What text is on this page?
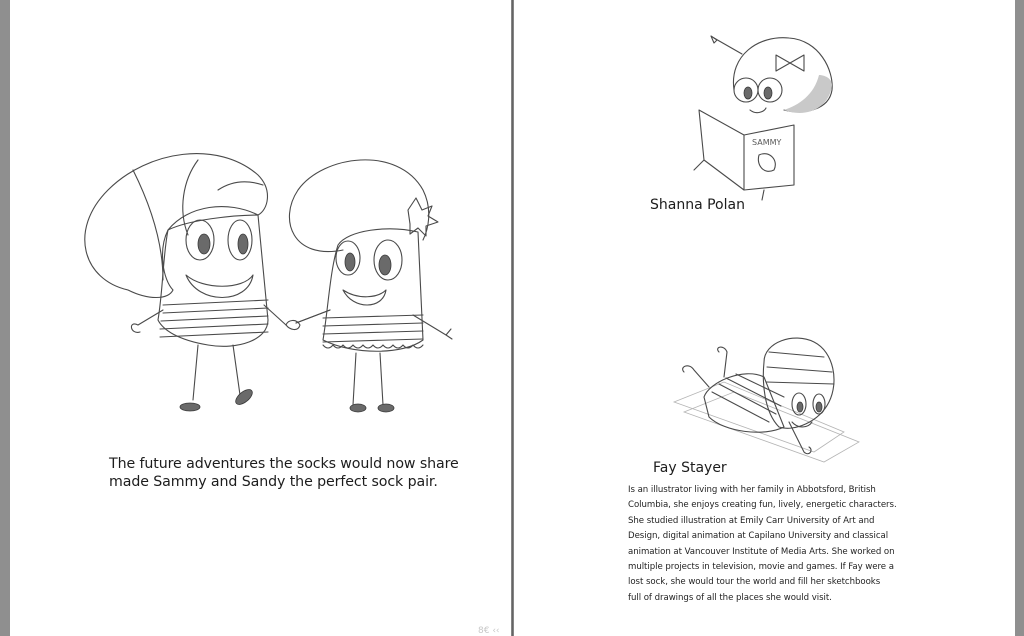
The future adventures the socks would now share
made Sammy and Sandy the perfect sock pair.
8€ ‹‹
SAMMY
Shanna Polan
Fay Stayer
Is an illustrator living with her family in Abbotsford, British
Columbia, she enjoys creating fun, lively, energetic characters.
She studied illustration at Emily Carr University of Art and
Design, digital animation at Capilano University and classical
animation at Vancouver Institute of Media Arts. She worked on
multiple projects in television, movie and games. If Fay were a
lost sock, she would tour the world and fill her sketchbooks
full of drawings of all the places she would visit.
